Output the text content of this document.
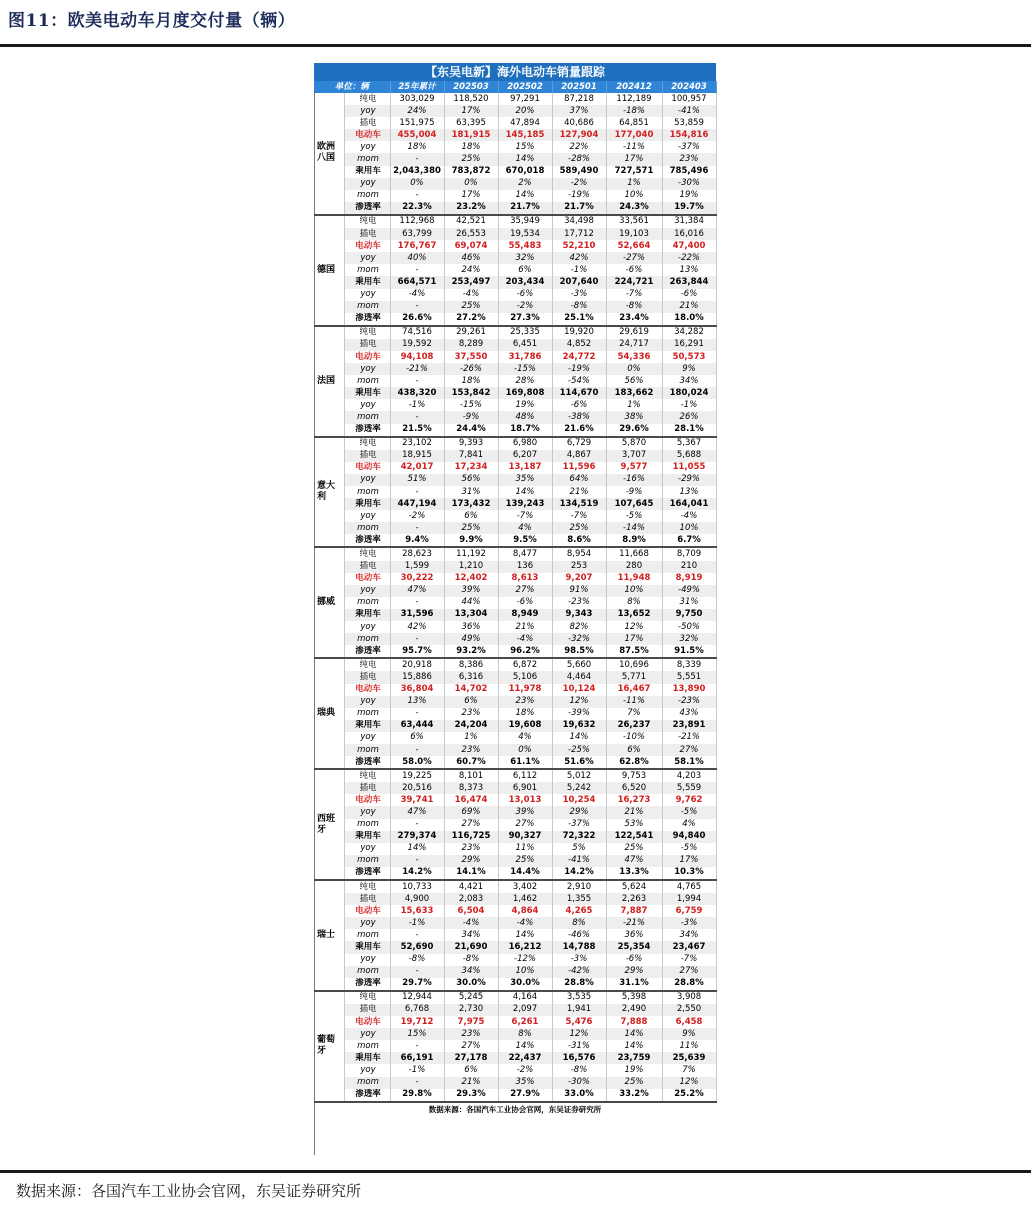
图11：欧美电动车月度交付量（辆）
【东吴电新】海外电动车销量跟踪							
单位：辆		25年累计	202503	202502	202501	202412	202403
欧洲八国	纯电	303,029	118,520	97,291	87,218	112,189	100,957
	yoy	24%	17%	20%	37%	-18%	-41%
	插电	151,975	63,395	47,894	40,686	64,851	53,859
	电动车	455,004	181,915	145,185	127,904	177,040	154,816
	yoy	18%	18%	15%	22%	-11%	-37%
	mom	-	25%	14%	-28%	17%	23%
	乘用车	2,043,380	783,872	670,018	589,490	727,571	785,496
	yoy	0%	0%	2%	-2%	1%	-30%
	mom	-	17%	14%	-19%	10%	19%
	渗透率	22.3%	23.2%	21.7%	21.7%	24.3%	19.7%
德国	纯电	112,968	42,521	35,949	34,498	33,561	31,384
	插电	63,799	26,553	19,534	17,712	19,103	16,016
	电动车	176,767	69,074	55,483	52,210	52,664	47,400
	yoy	40%	46%	32%	42%	-27%	-22%
	mom	-	24%	6%	-1%	-6%	13%
	乘用车	664,571	253,497	203,434	207,640	224,721	263,844
	yoy	-4%	-4%	-6%	-3%	-7%	-6%
	mom	-	25%	-2%	-8%	-8%	21%
	渗透率	26.6%	27.2%	27.3%	25.1%	23.4%	18.0%
法国	纯电	74,516	29,261	25,335	19,920	29,619	34,282
	插电	19,592	8,289	6,451	4,852	24,717	16,291
	电动车	94,108	37,550	31,786	24,772	54,336	50,573
	yoy	-21%	-26%	-15%	-19%	0%	9%
	mom	-	18%	28%	-54%	56%	34%
	乘用车	438,320	153,842	169,808	114,670	183,662	180,024
	yoy	-1%	-15%	19%	-6%	1%	-1%
	mom	-	-9%	48%	-38%	38%	26%
	渗透率	21.5%	24.4%	18.7%	21.6%	29.6%	28.1%
意大利	纯电	23,102	9,393	6,980	6,729	5,870	5,367
	插电	18,915	7,841	6,207	4,867	3,707	5,688
	电动车	42,017	17,234	13,187	11,596	9,577	11,055
	yoy	51%	56%	35%	64%	-16%	-29%
	mom	-	31%	14%	21%	-9%	13%
	乘用车	447,194	173,432	139,243	134,519	107,645	164,041
	yoy	-2%	6%	-7%	-7%	-5%	-4%
	mom	-	25%	4%	25%	-14%	10%
	渗透率	9.4%	9.9%	9.5%	8.6%	8.9%	6.7%
挪威	纯电	28,623	11,192	8,477	8,954	11,668	8,709
	插电	1,599	1,210	136	253	280	210
	电动车	30,222	12,402	8,613	9,207	11,948	8,919
	yoy	47%	39%	27%	91%	10%	-49%
	mom	-	44%	-6%	-23%	8%	31%
	乘用车	31,596	13,304	8,949	9,343	13,652	9,750
	yoy	42%	36%	21%	82%	12%	-50%
	mom	-	49%	-4%	-32%	17%	32%
	渗透率	95.7%	93.2%	96.2%	98.5%	87.5%	91.5%
瑞典	纯电	20,918	8,386	6,872	5,660	10,696	8,339
	插电	15,886	6,316	5,106	4,464	5,771	5,551
	电动车	36,804	14,702	11,978	10,124	16,467	13,890
	yoy	13%	6%	23%	12%	-11%	-23%
	mom	-	23%	18%	-39%	7%	43%
	乘用车	63,444	24,204	19,608	19,632	26,237	23,891
	yoy	6%	1%	4%	14%	-10%	-21%
	mom	-	23%	0%	-25%	6%	27%
	渗透率	58.0%	60.7%	61.1%	51.6%	62.8%	58.1%
西班牙	纯电	19,225	8,101	6,112	5,012	9,753	4,203
	插电	20,516	8,373	6,901	5,242	6,520	5,559
	电动车	39,741	16,474	13,013	10,254	16,273	9,762
	yoy	47%	69%	39%	29%	21%	-5%
	mom	-	27%	27%	-37%	53%	4%
	乘用车	279,374	116,725	90,327	72,322	122,541	94,840
	yoy	14%	23%	11%	5%	25%	-5%
	mom	-	29%	25%	-41%	47%	17%
	渗透率	14.2%	14.1%	14.4%	14.2%	13.3%	10.3%
瑞士	纯电	10,733	4,421	3,402	2,910	5,624	4,765
	插电	4,900	2,083	1,462	1,355	2,263	1,994
	电动车	15,633	6,504	4,864	4,265	7,887	6,759
	yoy	-1%	-4%	-4%	8%	-21%	-3%
	mom	-	34%	14%	-46%	36%	34%
	乘用车	52,690	21,690	16,212	14,788	25,354	23,467
	yoy	-8%	-8%	-12%	-3%	-6%	-7%
	mom	-	34%	10%	-42%	29%	27%
	渗透率	29.7%	30.0%	30.0%	28.8%	31.1%	28.8%
葡萄牙	纯电	12,944	5,245	4,164	3,535	5,398	3,908
	插电	6,768	2,730	2,097	1,941	2,490	2,550
	电动车	19,712	7,975	6,261	5,476	7,888	6,458
	yoy	15%	23%	8%	12%	14%	9%
	mom	-	27%	14%	-31%	14%	11%
	乘用车	66,191	27,178	22,437	16,576	23,759	25,639
	yoy	-1%	6%	-2%	-8%	19%	7%
	mom	-	21%	35%	-30%	25%	12%
	渗透率	29.8%	29.3%	27.9%	33.0%	33.2%	25.2%
数据来源：各国汽车工业协会官网，东吴证券研究所							
数据来源：各国汽车工业协会官网，东吴证券研究所
